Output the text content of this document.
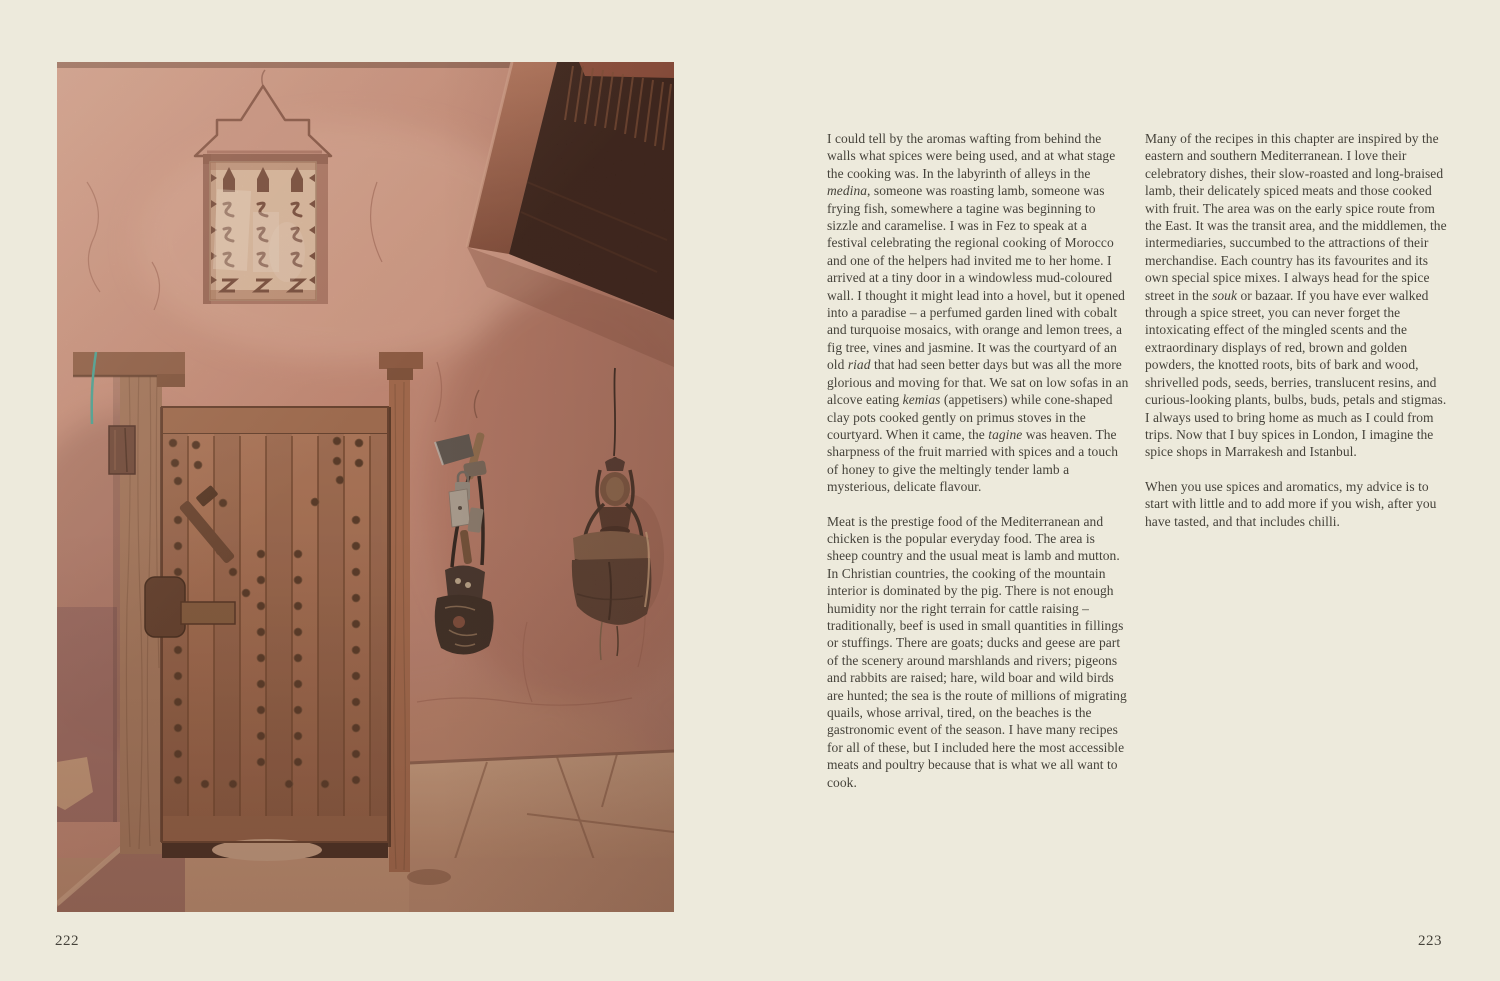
I could tell by the aromas wafting from behind the walls what spices were being used, and at what stage the cooking was. In the labyrinth of alleys in the medina, someone was roasting lamb, someone was frying fish, somewhere a tagine was beginning to sizzle and caramelise. I was in Fez to speak at a festival celebrating the regional cooking of Morocco and one of the helpers had invited me to her home. I arrived at a tiny door in a windowless mud-coloured wall. I thought it might lead into a hovel, but it opened into a paradise – a perfumed garden lined with cobalt and turquoise mosaics, with orange and lemon trees, a fig tree, vines and jasmine. It was the courtyard of an old riad that had seen better days but was all the more glorious and moving for that. We sat on low sofas in an alcove eating kemias (appetisers) while cone-shaped clay pots cooked gently on primus stoves in the courtyard. When it came, the tagine was heaven. The sharpness of the fruit married with spices and a touch of honey to give the meltingly tender lamb a mysterious, delicate flavour.

Meat is the prestige food of the Mediterranean and chicken is the popular everyday food. The area is sheep country and the usual meat is lamb and mutton. In Christian countries, the cooking of the mountain interior is dominated by the pig. There is not enough humidity nor the right terrain for cattle raising – traditionally, beef is used in small quantities in fillings or stuffings. There are goats; ducks and geese are part of the scenery around marshlands and rivers; pigeons and rabbits are raised; hare, wild boar and wild birds are hunted; the sea is the route of millions of migrating quails, whose arrival, tired, on the beaches is the gastronomic event of the season. I have many recipes for all of these, but I included here the most accessible meats and poultry because that is what we all want to cook.

Many of the recipes in this chapter are inspired by the eastern and southern Mediterranean. I love their celebratory dishes, their slow-roasted and long-braised lamb, their delicately spiced meats and those cooked with fruit. The area was on the early spice route from the East. It was the transit area, and the middlemen, the intermediaries, succumbed to the attractions of their merchandise. Each country has its favourites and its own special spice mixes. I always head for the spice street in the souk or bazaar. If you have ever walked through a spice street, you can never forget the intoxicating effect of the mingled scents and the extraordinary displays of red, brown and golden powders, the knotted roots, bits of bark and wood, shrivelled pods, seeds, berries, translucent resins, and curious-looking plants, bulbs, buds, petals and stigmas. I always used to bring home as much as I could from trips. Now that I buy spices in London, I imagine the spice shops in Marrakesh and Istanbul.

When you use spices and aromatics, my advice is to start with little and to add more if you wish, after you have tasted, and that includes chilli.

222	223
